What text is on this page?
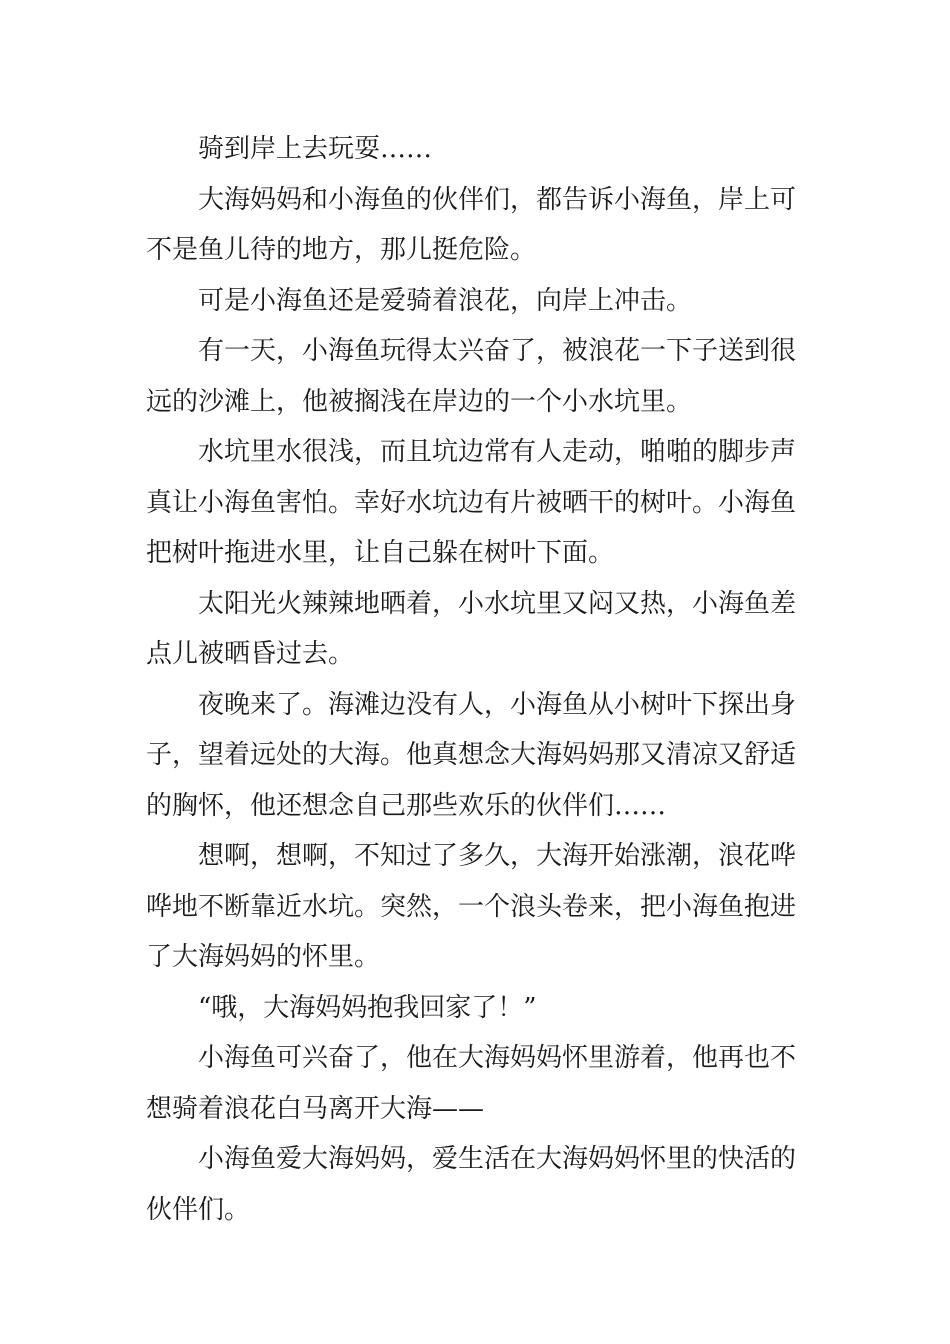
骑到岸上去玩耍……

大海妈妈和小海鱼的伙伴们，都告诉小海鱼，岸上可
不是鱼儿待的地方，那儿挺危险。

可是小海鱼还是爱骑着浪花，向岸上冲击。

有一天，小海鱼玩得太兴奋了，被浪花一下子送到很
远的沙滩上，他被搁浅在岸边的一个小水坑里。

水坑里水很浅，而且坑边常有人走动，啪啪的脚步声
真让小海鱼害怕。幸好水坑边有片被晒干的树叶。小海鱼
把树叶拖进水里，让自己躲在树叶下面。

太阳光火辣辣地晒着，小水坑里又闷又热，小海鱼差
点儿被晒昏过去。

夜晚来了。海滩边没有人，小海鱼从小树叶下探出身
子，望着远处的大海。他真想念大海妈妈那又清凉又舒适
的胸怀，他还想念自己那些欢乐的伙伴们……

想啊，想啊，不知过了多久，大海开始涨潮，浪花哗
哗地不断靠近水坑。突然，一个浪头卷来，把小海鱼抱进
了大海妈妈的怀里。

“哦，大海妈妈抱我回家了！”

小海鱼可兴奋了，他在大海妈妈怀里游着，他再也不
想骑着浪花白马离开大海——

小海鱼爱大海妈妈，爱生活在大海妈妈怀里的快活的
伙伴们。
